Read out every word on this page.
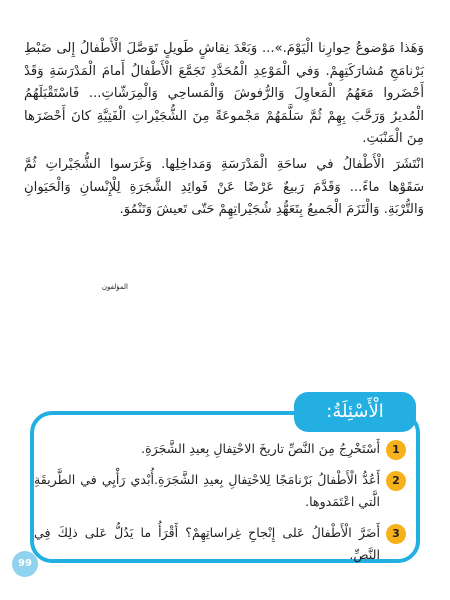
وَهَذا مَوْضوعُ حِوارِنا الْيَوْمَ.»... وَبَعْدَ نِقاشٍ طَويلٍ تَوَصَّلَ الْأَطْفالُ إِلى ضَبْطِ بَرْنامَجِ مُشارَكَتِهِمْ. وَفي الْمَوْعِدِ الْمُحَدَّدِ تَجَمَّعَ الْأَطْفالُ أَمامَ الْمَدْرَسَةِ وَقَدْ أَحْضَروا مَعَهُمُ الْمَعاوِلَ وَالرُّفوشَ وَالْمَساحِي وَالْمِرَشّاتِ... فَاسْتَقْبَلَهُمُ الْمُديرُ وَرَحَّبَ بِهِمْ ثُمَّ سَلَّمَهُمْ مَجْموعَةً مِنَ الشُّجَيْراتِ الْفَتِيَّةِ كانَ أَحْضَرَها مِنَ الْمَنْبَتِ.

انْتَشَرَ الْأَطْفالُ في ساحَةِ الْمَدْرَسَةِ وَمَداخِلِها. وَغَرَسوا الشُّجَيْراتِ ثُمَّ سَقَوْها ماءً... وَقَدَّمَ رَبيعٌ عَرْضًا عَنْ فَوائِدِ الشَّجَرَةِ لِلْإِنْسانِ وَالْحَيَوانِ وَالتُّرْبَةِ. وَالْتَزَمَ الْجَميعُ بِتَعَهُّدِ شُجَيْراتِهِمْ حَتّى تَعيشَ وَتَنْمُوَ.

المؤلفون
الْأَسْئِلَةُ:
1
أَسْتَخْرِجُ مِنَ النَّصِّ تاريخَ الاحْتِفالِ بِعيدِ الشَّجَرَةِ.
2
أَعُدُّ الْأَطْفالُ بَرْنامَجًا لِلاحْتِفالِ بِعيدِ الشَّجَرَةِ.أُبْدي رَأْيِي في الطَّريقَةِ الَّتي اعْتَمَدوها.
3
أَضَرَّ الْأَطْفالُ عَلى إِنْجاحِ غِراساتِهِمْ؟ أَقْرَأُ ما يَدُلُّ عَلى ذلِكَ فِي النَّصِّ.
99
